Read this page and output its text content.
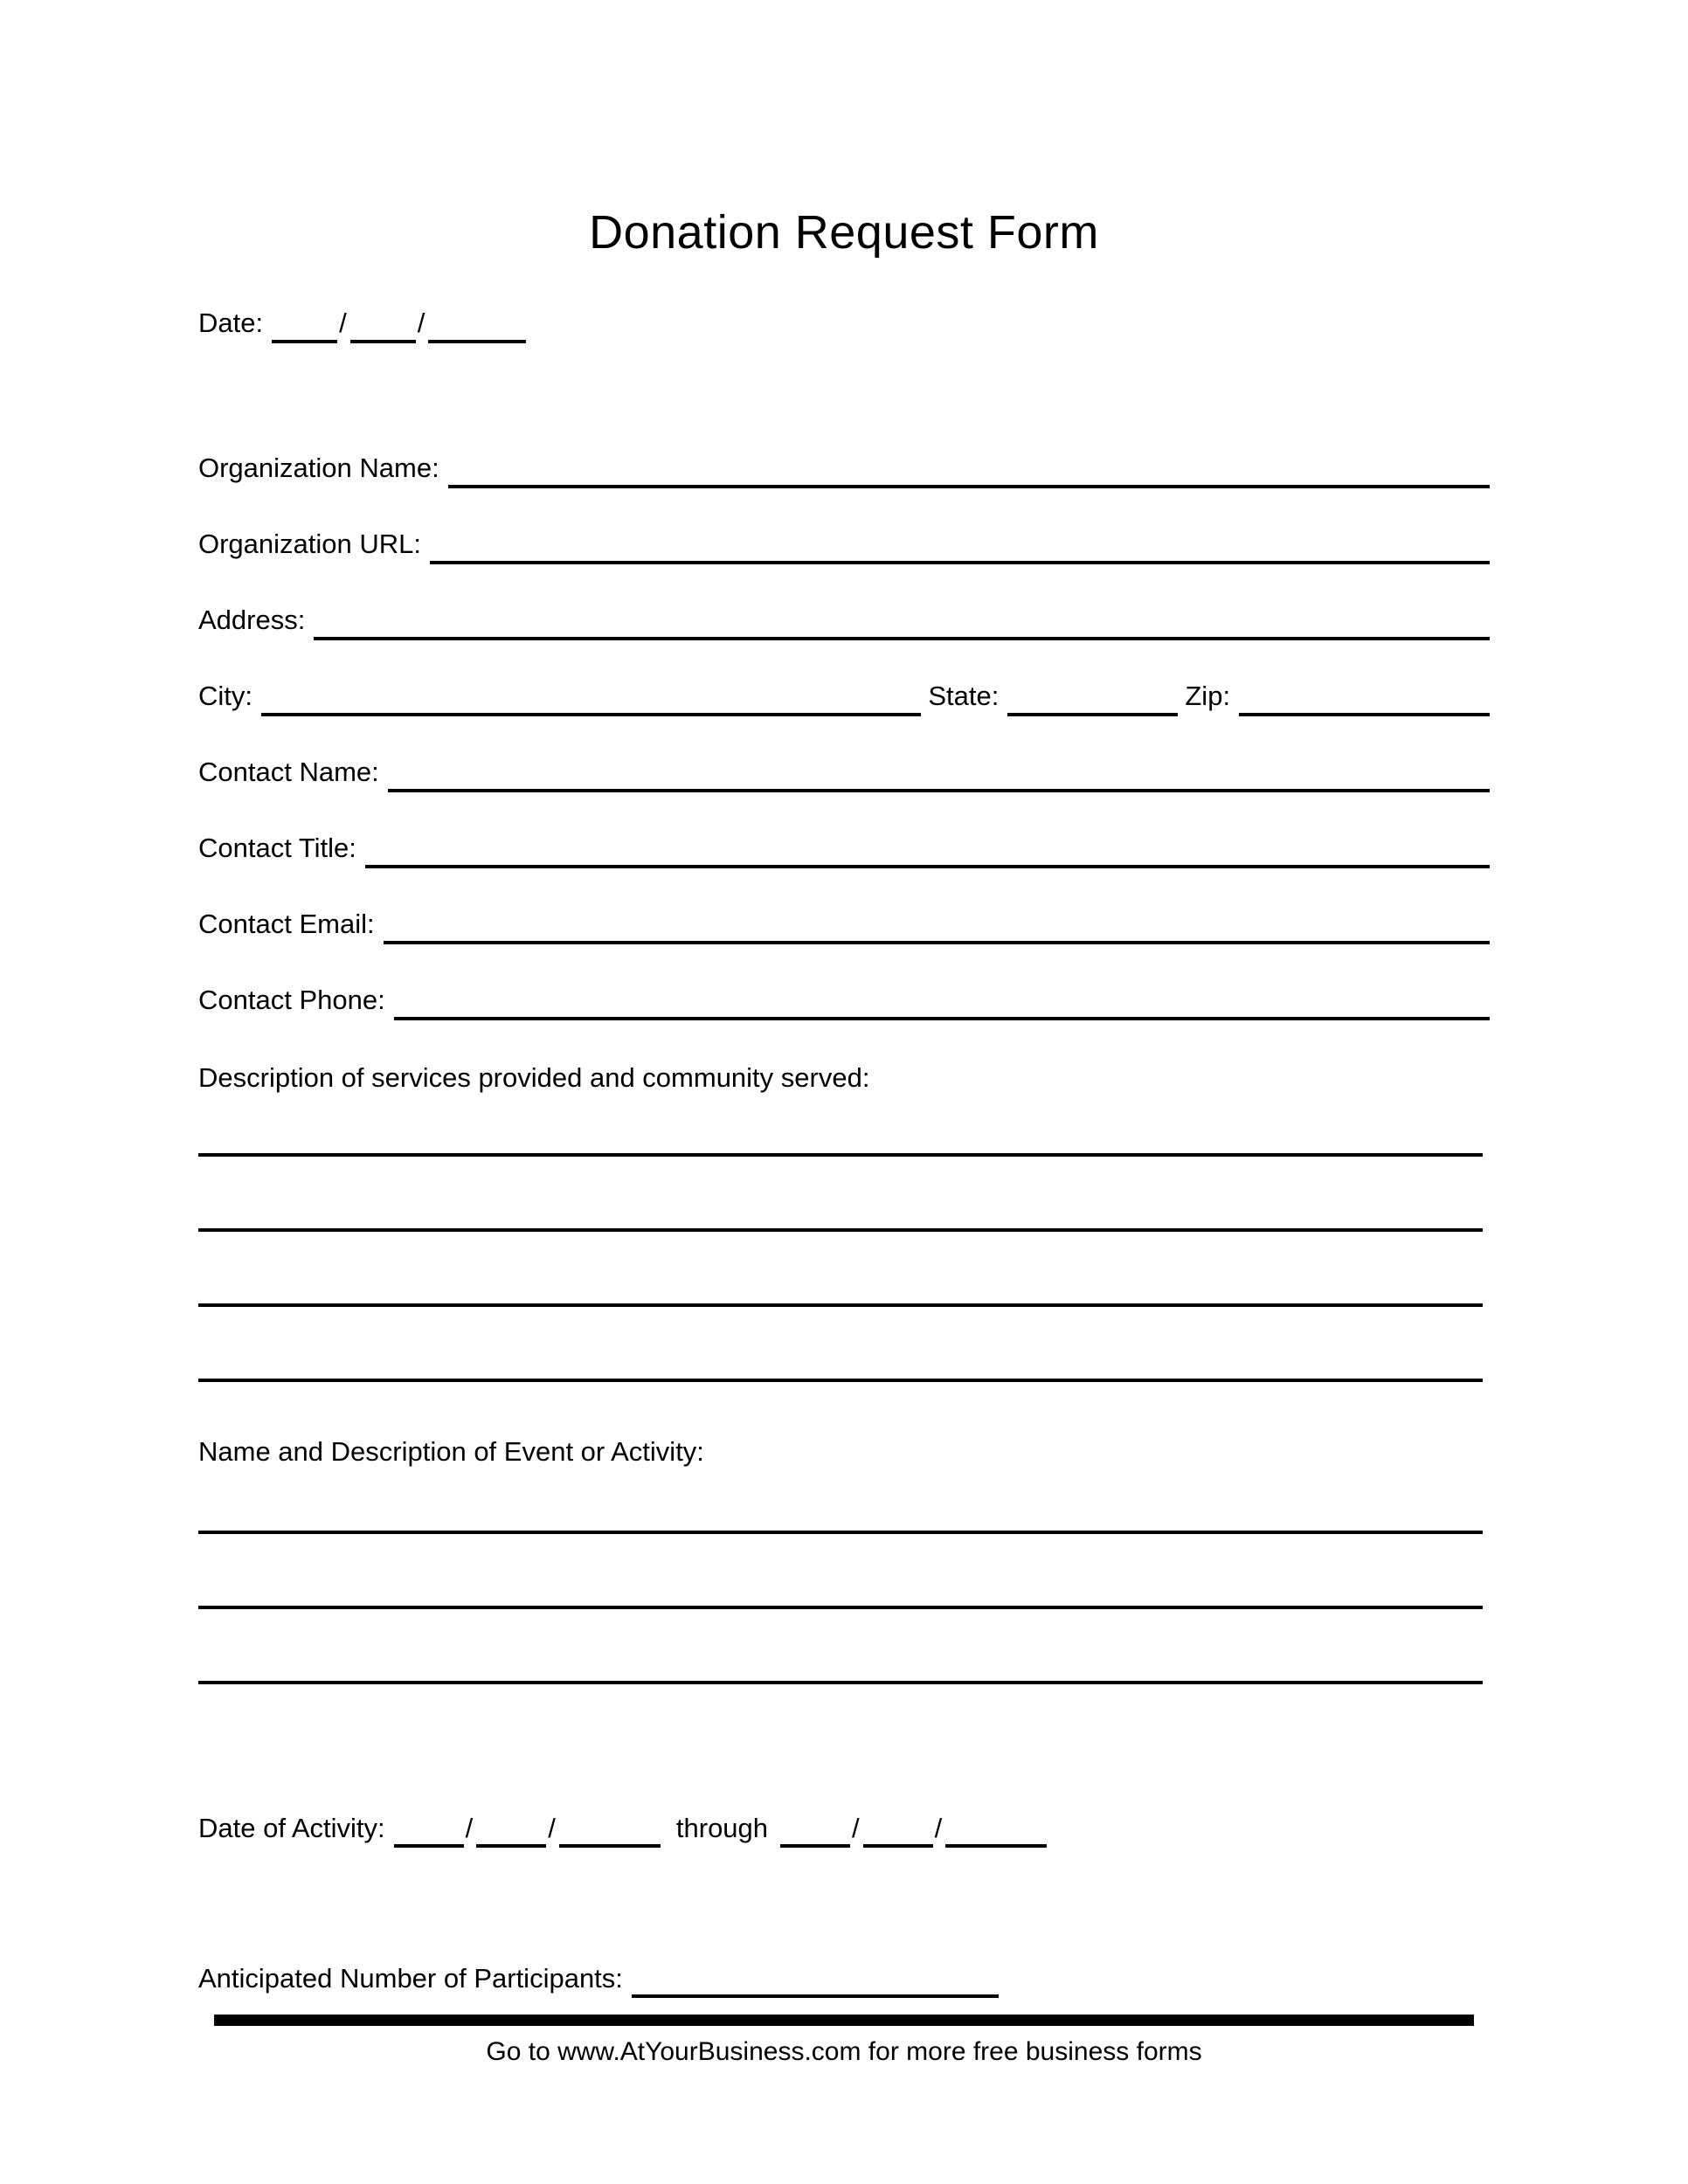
Donation Request Form
Date:	/	/
Organization Name:
Organization URL:
Address:
City:	State:	Zip:
Contact Name:
Contact Title:
Contact Email:
Contact Phone:
Description of services provided and community served:
Name and Description of Event or Activity:
Date of Activity:	/	/	through	/	/
Anticipated Number of Participants:
Go to www.AtYourBusiness.com for more free business forms
